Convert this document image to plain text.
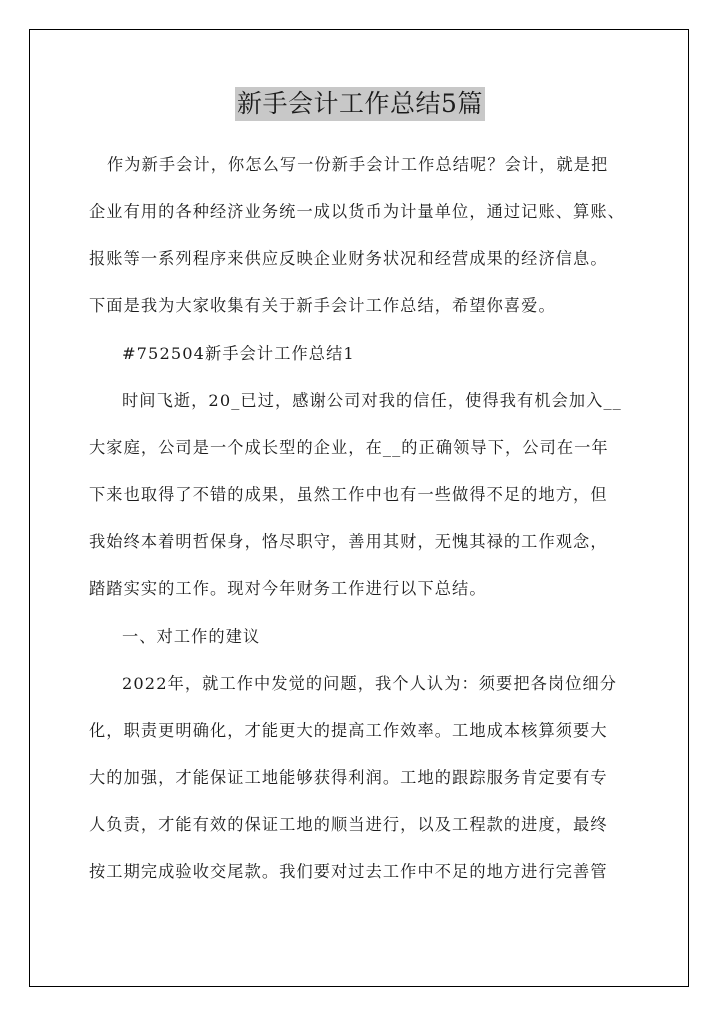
新手会计工作总结5篇
作为新手会计，你怎么写一份新手会计工作总结呢？会计，就是把
企业有用的各种经济业务统一成以货币为计量单位，通过记账、算账、
报账等一系列程序来供应反映企业财务状况和经营成果的经济信息。
下面是我为大家收集有关于新手会计工作总结，希望你喜爱。
#752504新手会计工作总结1
时间飞逝，20_已过，感谢公司对我的信任，使得我有机会加入__
大家庭，公司是一个成长型的企业，在__的正确领导下，公司在一年
下来也取得了不错的成果，虽然工作中也有一些做得不足的地方，但
我始终本着明哲保身，恪尽职守，善用其财，无愧其禄的工作观念，
踏踏实实的工作。现对今年财务工作进行以下总结。
一、对工作的建议
2022年，就工作中发觉的问题，我个人认为：须要把各岗位细分
化，职责更明确化，才能更大的提高工作效率。工地成本核算须要大
大的加强，才能保证工地能够获得利润。工地的跟踪服务肯定要有专
人负责，才能有效的保证工地的顺当进行，以及工程款的进度，最终
按工期完成验收交尾款。我们要对过去工作中不足的地方进行完善管
